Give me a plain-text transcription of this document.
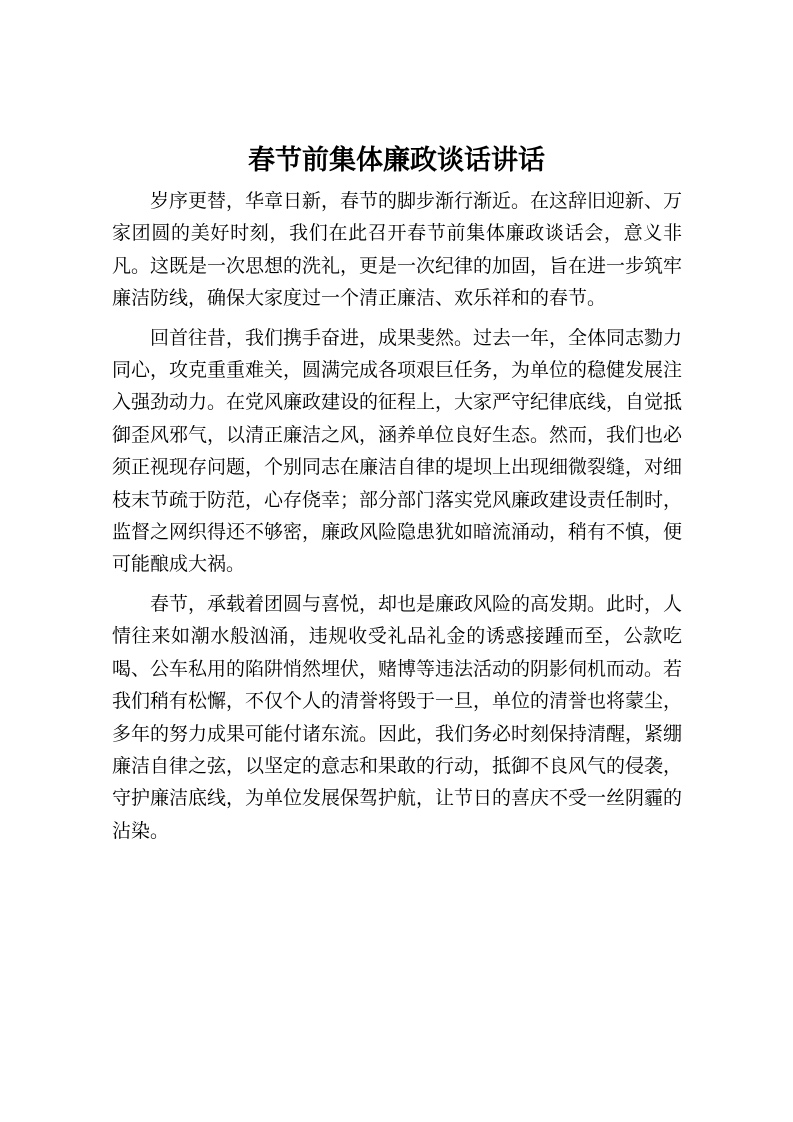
春节前集体廉政谈话讲话

岁序更替，华章日新，春节的脚步渐行渐近。在这辞旧迎新、万家团圆的美好时刻，我们在此召开春节前集体廉政谈话会，意义非凡。这既是一次思想的洗礼，更是一次纪律的加固，旨在进一步筑牢廉洁防线，确保大家度过一个清正廉洁、欢乐祥和的春节。

回首往昔，我们携手奋进，成果斐然。过去一年，全体同志勠力同心，攻克重重难关，圆满完成各项艰巨任务，为单位的稳健发展注入强劲动力。在党风廉政建设的征程上，大家严守纪律底线，自觉抵御歪风邪气，以清正廉洁之风，涵养单位良好生态。然而，我们也必须正视现存问题，个别同志在廉洁自律的堤坝上出现细微裂缝，对细枝末节疏于防范，心存侥幸；部分部门落实党风廉政建设责任制时，监督之网织得还不够密，廉政风险隐患犹如暗流涌动，稍有不慎，便可能酿成大祸。

春节，承载着团圆与喜悦，却也是廉政风险的高发期。此时，人情往来如潮水般汹涌，违规收受礼品礼金的诱惑接踵而至，公款吃喝、公车私用的陷阱悄然埋伏，赌博等违法活动的阴影伺机而动。若我们稍有松懈，不仅个人的清誉将毁于一旦，单位的清誉也将蒙尘，多年的努力成果可能付诸东流。因此，我们务必时刻保持清醒，紧绷廉洁自律之弦，以坚定的意志和果敢的行动，抵御不良风气的侵袭，守护廉洁底线，为单位发展保驾护航，让节日的喜庆不受一丝阴霾的沾染。
